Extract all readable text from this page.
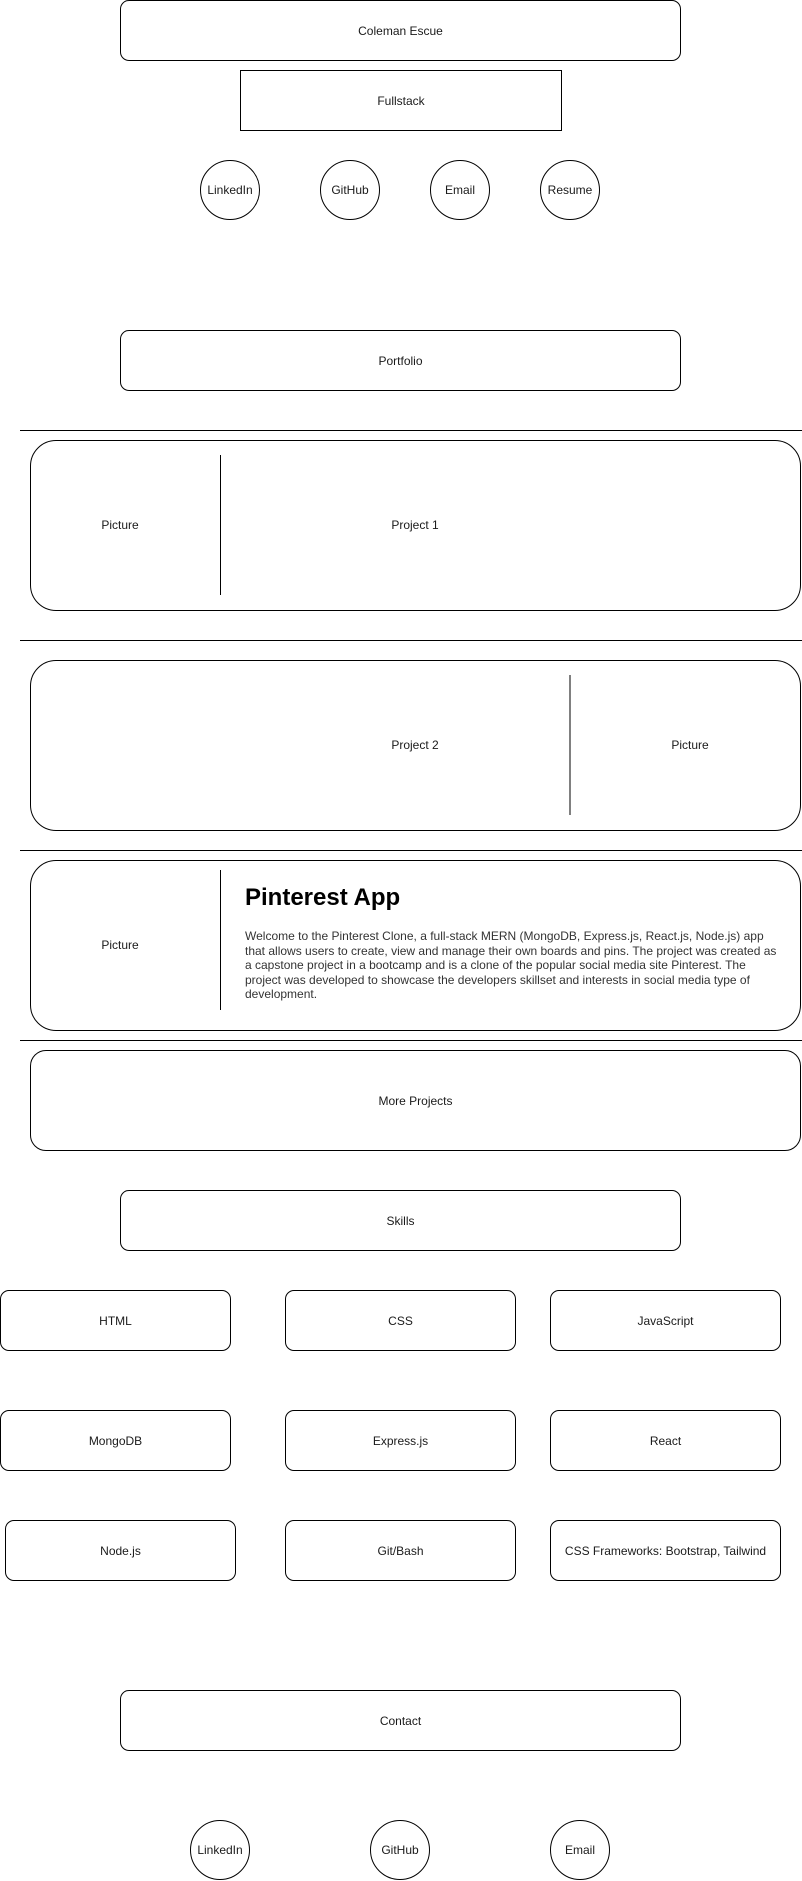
Coleman Escue
Fullstack
LinkedIn	GitHub	Email	Resume
Portfolio
Picture	Project 1
Project 2	Picture
Picture
Pinterest App

Welcome to the Pinterest Clone, a full-stack MERN (MongoDB, Express.js, React.js, Node.js) app that allows users to create, view and manage their own boards and pins. The project was created as a capstone project in a bootcamp and is a clone of the popular social media site Pinterest. The project was developed to showcase the developers skillset and interests in social media type of development.

More Projects
Skills
HTML	CSS	JavaScript
MongoDB	Express.js	React
Node.js	Git/Bash	CSS Frameworks: Bootstrap, Tailwind
Contact
LinkedIn	GitHub	Email
